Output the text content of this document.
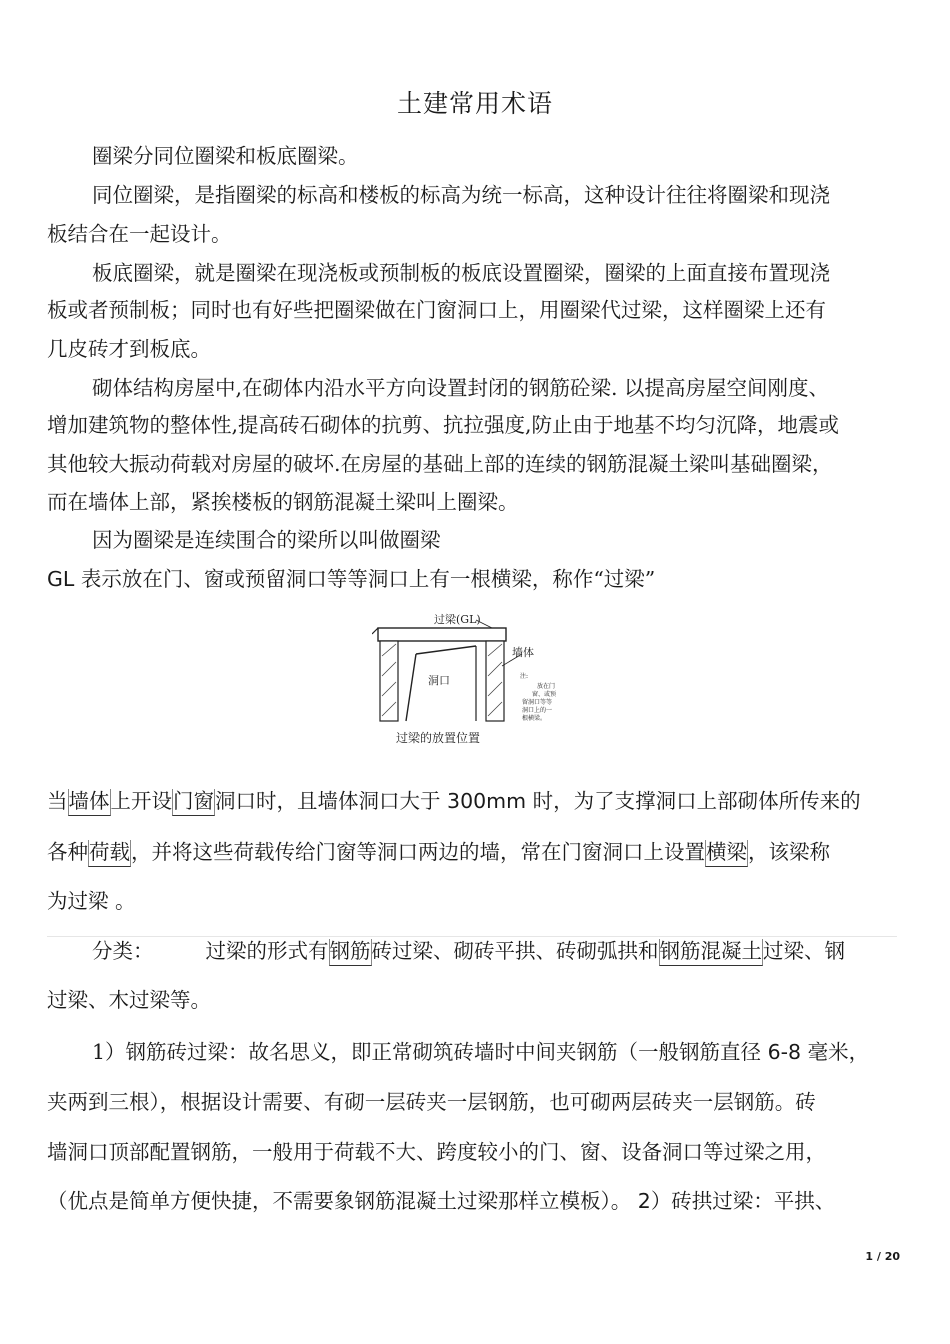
土建常用术语
圈梁分同位圈梁和板底圈梁。
同位圈梁，是指圈梁的标高和楼板的标高为统一标高，这种设计往往将圈梁和现浇
板结合在一起设计。
板底圈梁，就是圈梁在现浇板或预制板的板底设置圈梁，圈梁的上面直接布置现浇
板或者预制板；同时也有好些把圈梁做在门窗洞口上，用圈梁代过梁，这样圈梁上还有
几皮砖才到板底。
砌体结构房屋中,在砌体内沿水平方向设置封闭的钢筋砼梁. 以提高房屋空间刚度、
增加建筑物的整体性,提高砖石砌体的抗剪、抗拉强度,防止由于地基不均匀沉降，地震或
其他较大振动荷载对房屋的破坏.在房屋的基础上部的连续的钢筋混凝土梁叫基础圈梁，
而在墙体上部，紧挨楼板的钢筋混凝土梁叫上圈梁。
因为圈梁是连续围合的梁所以叫做圈梁
GL 表示放在门、窗或预留洞口等等洞口上有一根横梁，称作“过梁”
过梁(GL)
墙体
洞口	注:
放在门
窗、或预
留洞口等等
洞口上的一
根横梁。
过梁的放置位置
当墙体上开设门窗洞口时，且墙体洞口大于 300mm 时，为了支撑洞口上部砌体所传来的
各种荷载，并将这些荷载传给门窗等洞口两边的墙，常在门窗洞口上设置横梁，该梁称
为过梁 。
分类：	过梁的形式有钢筋砖过梁、砌砖平拱、砖砌弧拱和钢筋混凝土过梁、钢
过梁、木过梁等。
1）钢筋砖过梁：故名思义，即正常砌筑砖墙时中间夹钢筋（一般钢筋直径 6-8 毫米，
夹两到三根），根据设计需要、有砌一层砖夹一层钢筋，也可砌两层砖夹一层钢筋。砖
墙洞口顶部配置钢筋，一般用于荷载不大、跨度较小的门、窗、设备洞口等过梁之用，
（优点是简单方便快捷，不需要象钢筋混凝土过梁那样立模板）。 2）砖拱过梁：平拱、
1 / 20
